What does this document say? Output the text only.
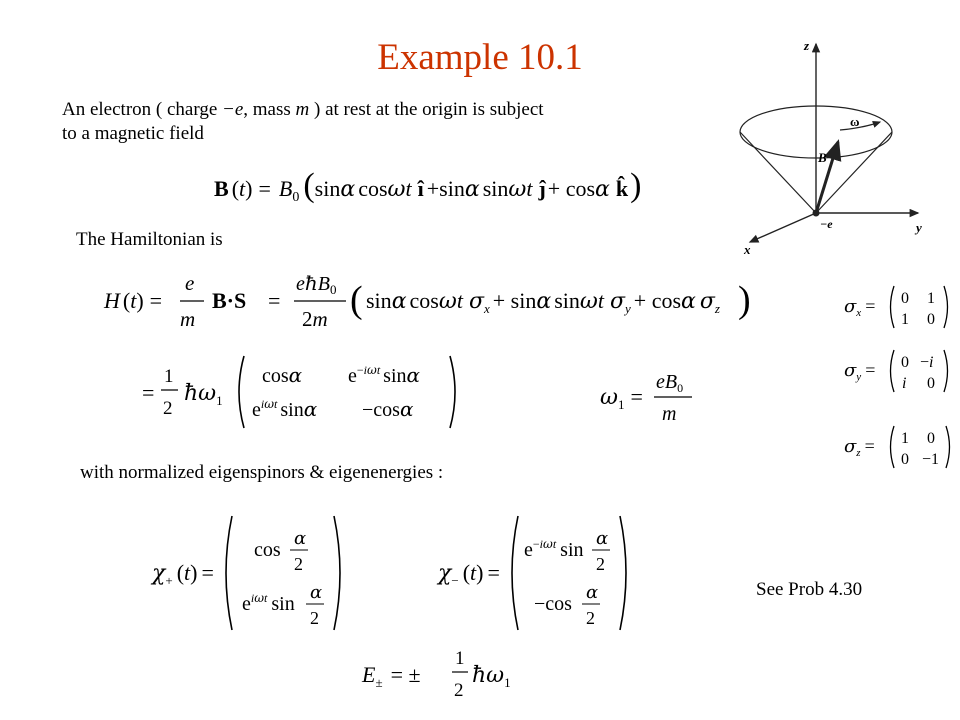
Example 10.1
An electron ( charge −e, mass m ) at rest at the origin is subject
to a magnetic field
The Hamiltonian is
with normalized eigenspinors & eigenenergies :
See Prob 4.30
z
y
x
ω
B
−e
B $(t) = B_0$ (sinα cosωt î +sinα sinωt ĵ+ cosα k̂)
H (t) =
e
m
B·S =
eħB$_0$
2m ( sinα cosωt $\sigma_x + \sin\alpha$ sinωt $\sigma_y + \cos\alpha$ $\sigma_z$ )
=
1
2
$ħ\omega_1$
cosα $e^{-i\omega t}$ sinα
$e^{i\omega t}$ sinα −cosα	$\omega_1$ =
$eB_0$
m
$\sigma_x = 0$ 1
1 0
$\sigma_y = 0 -i$
i 0
$\sigma_z = 1$ 0
0 −1
$\chi_+$ (t) =
cos
α
2
$e^{i\omega t}$ sin
α
2
$\chi_-$ (t) =
$e^{-i\omega t}$ sin
α
2
−cos
α
2
$E_\pm$ = ±
1
2
$ħ\omega_1$
